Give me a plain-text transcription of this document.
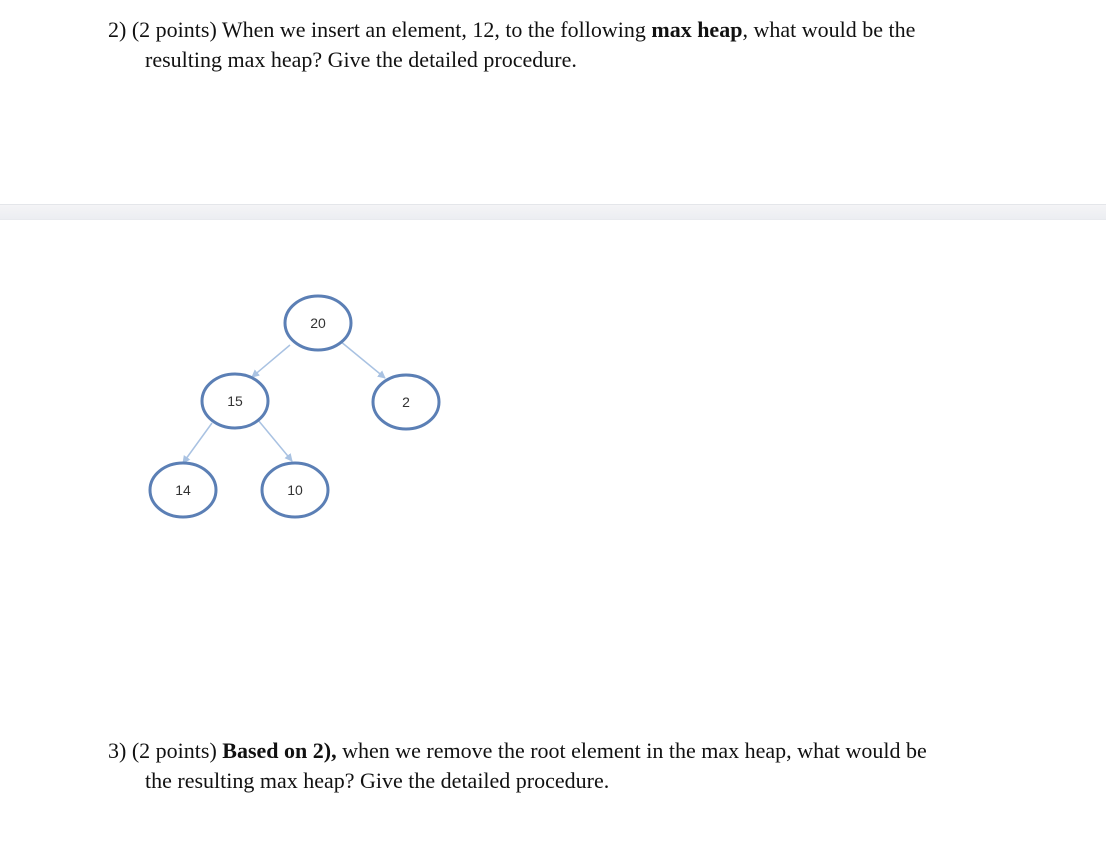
2) (2 points) When we insert an element, 12, to the following max heap, what would be the
resulting max heap? Give the detailed procedure.
20
15	2
14	10
3) (2 points) Based on 2), when we remove the root element in the max heap, what would be
the resulting max heap? Give the detailed procedure.
